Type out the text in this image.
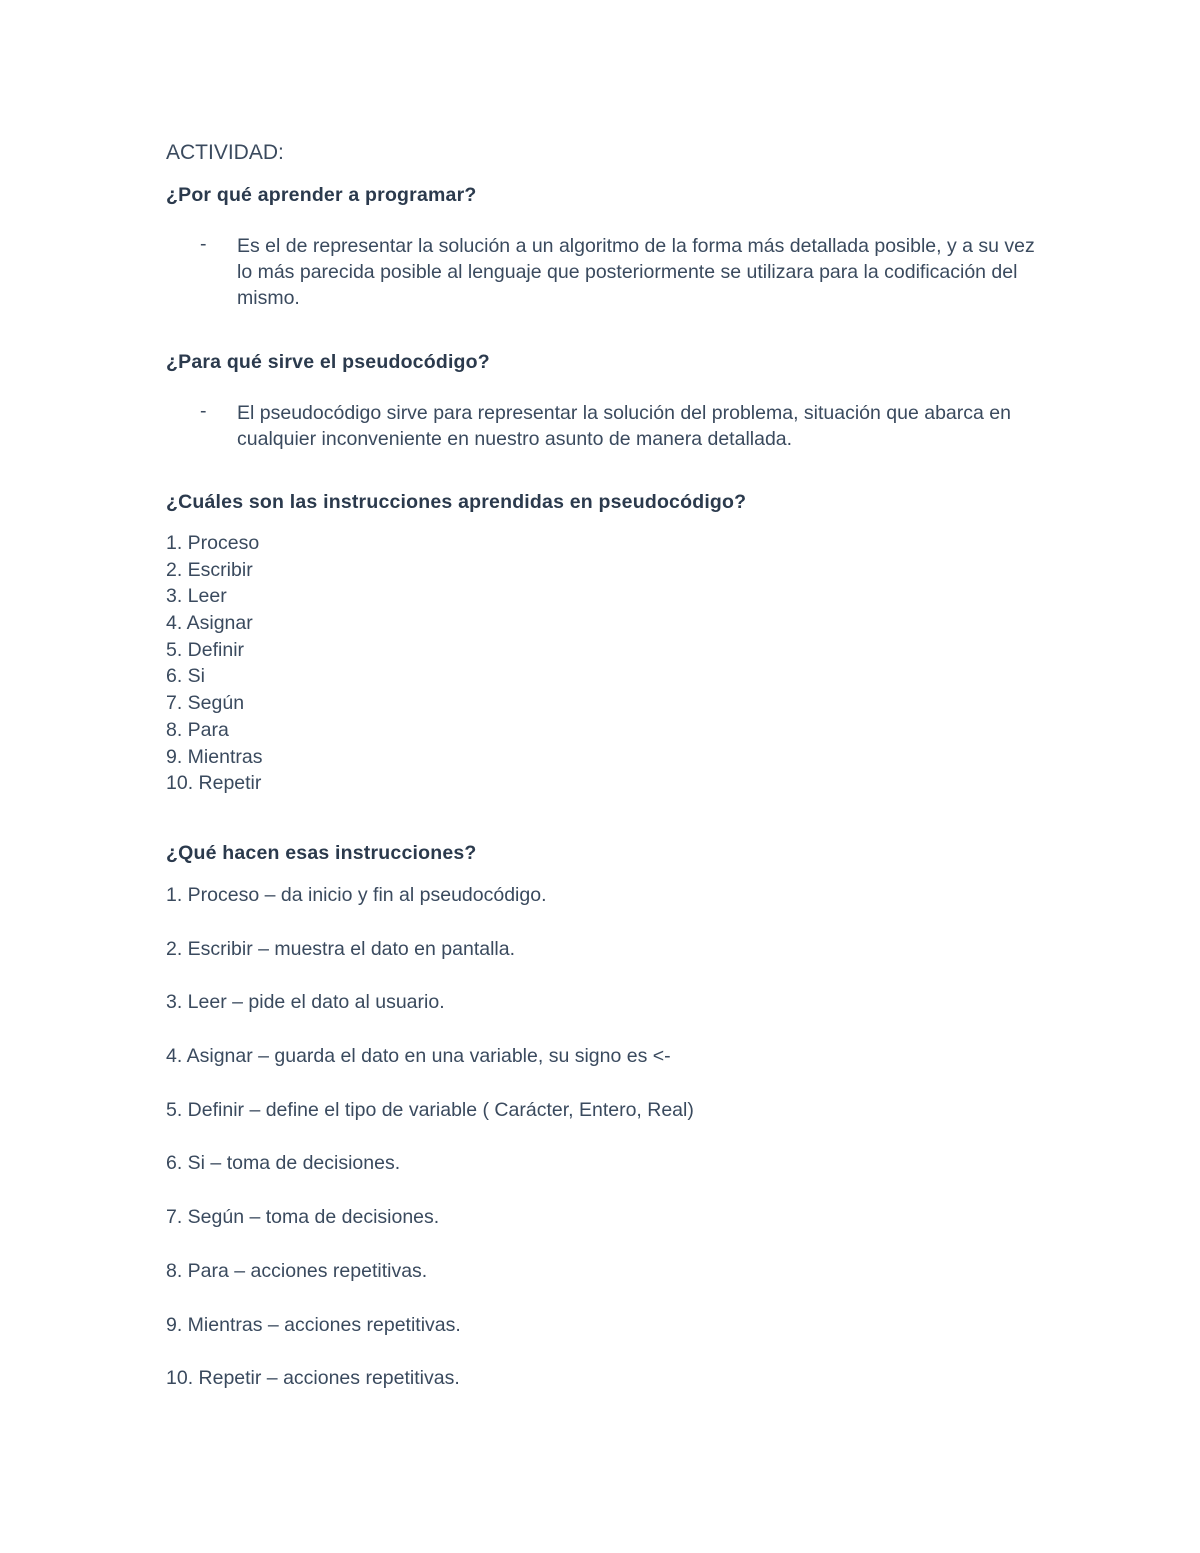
ACTIVIDAD:

¿Por qué aprender a programar?

- Es el de representar la solución a un algoritmo de la forma más detallada posible, y a su vez lo más parecida posible al lenguaje que posteriormente se utilizara para la codificación del mismo.

¿Para qué sirve el pseudocódigo?

- El pseudocódigo sirve para representar la solución del problema, situación que abarca en cualquier inconveniente en nuestro asunto de manera detallada.

¿Cuáles son las instrucciones aprendidas en pseudocódigo?

1. Proceso
2. Escribir
3. Leer
4. Asignar
5. Definir
6. Si
7. Según
8. Para
9. Mientras
10. Repetir

¿Qué hacen esas instrucciones?

1. Proceso – da inicio y fin al pseudocódigo.
2. Escribir – muestra el dato en pantalla.
3. Leer – pide el dato al usuario.
4. Asignar – guarda el dato en una variable, su signo es <-
5. Definir – define el tipo de variable ( Carácter, Entero, Real)
6. Si – toma de decisiones.
7. Según – toma de decisiones.
8. Para – acciones repetitivas.
9. Mientras – acciones repetitivas.
10. Repetir – acciones repetitivas.
